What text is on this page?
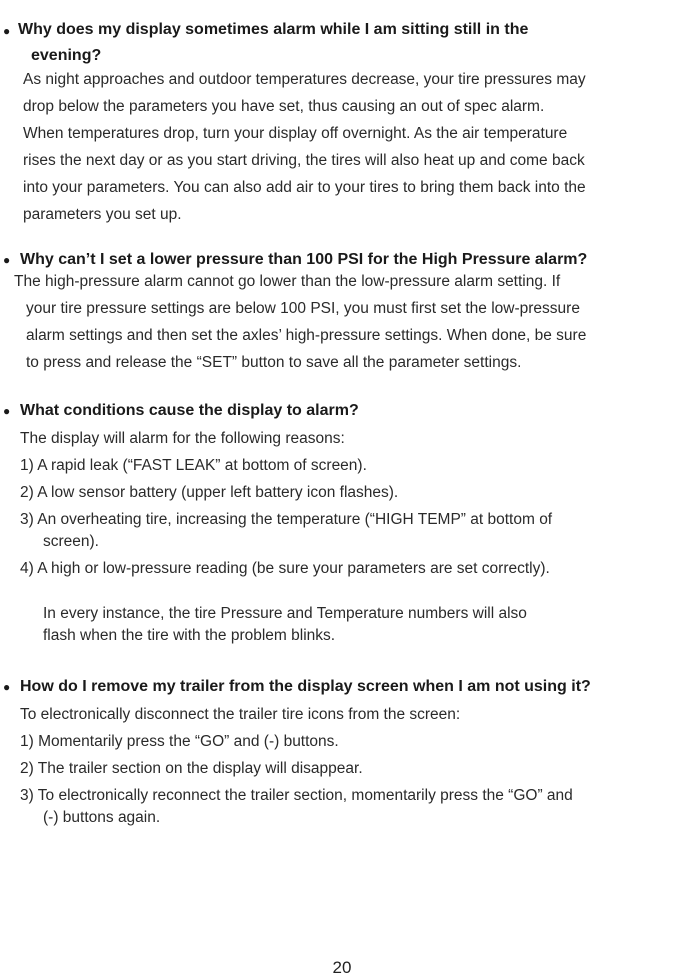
● Why does my display sometimes alarm while I am sitting still in the
evening?
As night approaches and outdoor temperatures decrease, your tire pressures may
drop below the parameters you have set, thus causing an out of spec alarm.
When temperatures drop, turn your display off overnight. As the air temperature
rises the next day or as you start driving, the tires will also heat up and come back
into your parameters. You can also add air to your tires to bring them back into the
parameters you set up.
● Why can’t I set a lower pressure than 100 PSI for the High Pressure alarm?
The high-pressure alarm cannot go lower than the low-pressure alarm setting. If
your tire pressure settings are below 100 PSI, you must first set the low-pressure
alarm settings and then set the axles’ high-pressure settings. When done, be sure
to press and release the “SET” button to save all the parameter settings.
● What conditions cause the display to alarm?
The display will alarm for the following reasons:
1) A rapid leak (“FAST LEAK” at bottom of screen).
2) A low sensor battery (upper left battery icon flashes).
3) An overheating tire, increasing the temperature (“HIGH TEMP” at bottom of
screen).
4) A high or low-pressure reading (be sure your parameters are set correctly).
In every instance, the tire Pressure and Temperature numbers will also
flash when the tire with the problem blinks.
● How do I remove my trailer from the display screen when I am not using it?
To electronically disconnect the trailer tire icons from the screen:
1) Momentarily press the “GO” and (-) buttons.
2) The trailer section on the display will disappear.
3) To electronically reconnect the trailer section, momentarily press the “GO” and
(-) buttons again.
20
